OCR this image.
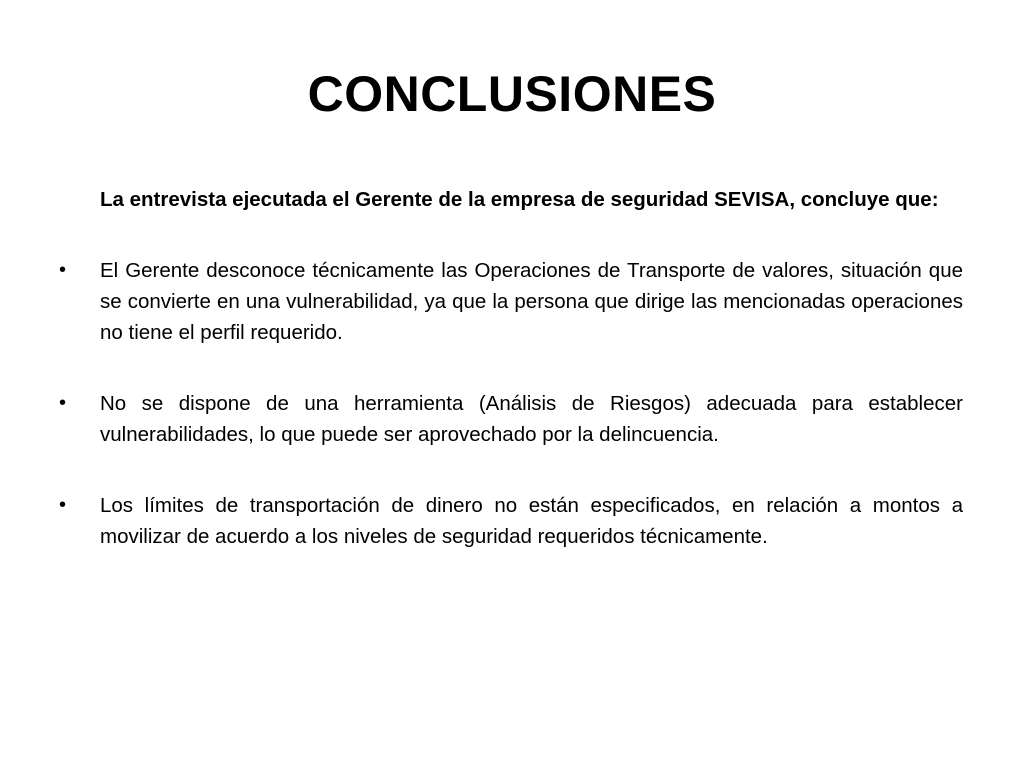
CONCLUSIONES

La entrevista ejecutada el Gerente de la empresa de seguridad SEVISA, concluye que:

•	El Gerente desconoce técnicamente las Operaciones de Transporte de valores, situación que se convierte en una vulnerabilidad, ya que la persona que dirige las mencionadas operaciones no tiene el perfil requerido.
•	No se dispone de una herramienta (Análisis de Riesgos) adecuada para establecer vulnerabilidades, lo que puede ser aprovechado por la delincuencia.
•	Los límites de transportación de dinero no están especificados, en relación a montos a movilizar de acuerdo a los niveles de seguridad requeridos técnicamente.
